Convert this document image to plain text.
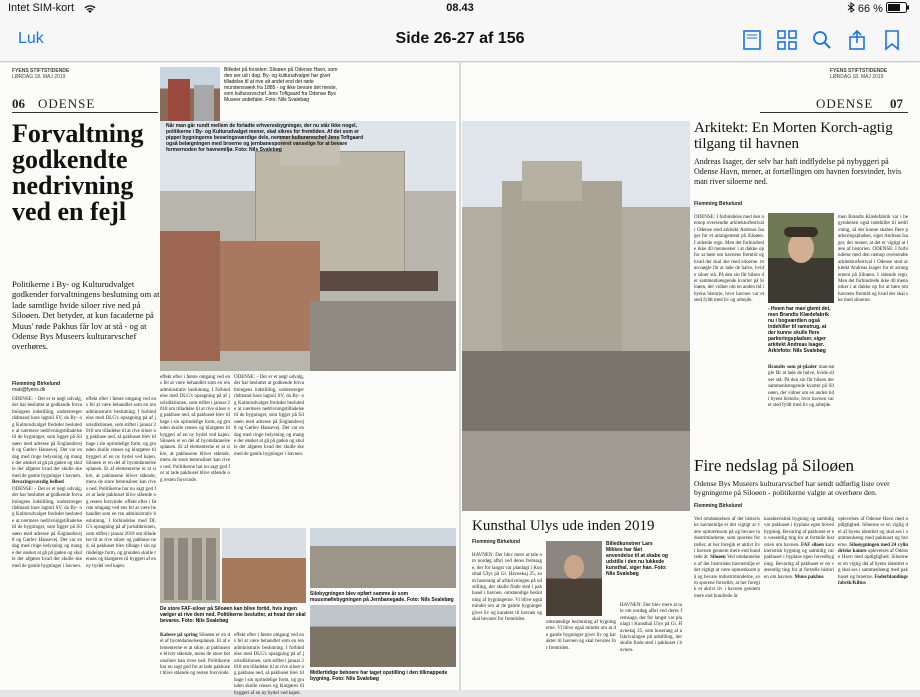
Intet SIM-kort	08.43	66 %
Luk	Side 26-27 af 156
FYENS STIFTSTIDENDE
LØRDAG 18. MAJ 2019
06 ODENSE
Billedet på forsiden: Siloøen på Odense Havn, som den ser ud i dag. By- og kulturudvalget har givet tilladelse til at rive alt andet end det røde murstensværk fra 1885 - og ikke bevare det meste, som kulturarvschef Jens Toftgaard fra Odense Bys Museer anbefaler. Foto: Nils Svalebøg
Forvaltning godkendte nedrivning ved en fejl
Politikerne i By- og Kulturudvalget godkender forvaltningens beslutning om at lade samtlige hvide siloer rive ned på Siloøen. Det betyder, at kun facaderne på Muus' røde Pakhus får lov at stå - og at Odense Bys Museers kulturarvschef overhøres.
Flemming Birkelund
mab@fyens.dk

Når man går rundt mellem de forladte erhvervsbygninger, der nu står ikke nogel, politikerne i By- og Kulturudvalget mener, skal sikres for fremtiden. Af det som er pippet bygningerne bevaringsværdige dele, nemmer kulturarvschef Jens Toftgaard også belægningen med broerne og jernbanesporeret vanselige for at bevare formernoden for havnemiljø. Foto: Nils Svalebøg
ODENSE: - Det er et nøgl udvalg, der har besluttet at godkende forvaltningens indstilling, understreger rådmand hare lagtoil SV, da By- og Kulturudvalget fredsdet beslutede at nærmere nedrivningstilladelse til de bygninger, som ligger på Siloøen med adresse på Englandsvej 8 og Gørlev Hansevej. Det var en dag med ringe belysning og mange der ønsket at gå på gaden og skulle der afgøres hvad der skulle ske med de gamle bygninger i havnen.
Bevaringsværdig helhed
ODENSE: - Det er et nøgl udvalg, der har besluttet at godkende forvaltningens indstilling, understreger rådmand hare lagtoil SV, da By- og Kulturudvalget fredsdet beslutede at nærmere nedrivningstilladelse til de bygninger, som ligger på Siloøen med adresse på Englandsvej 8 og Gørlev Hansevej. Det var en dag med ringe belysning og mange der ønsket at gå på gaden og skulle der afgøres hvad der skulle ske med de gamle bygninger i havnen.
effekt efter i første omgang ved ens fel at være behandlet som en ren administrativ beslutning. I forbindelse med DLG's opsagning på af jurisdiktionen, som stiftet i januar 2018 om tilladelse til at rive siloer og pakhuse ned, så pakhuset blev tilbage i sin oprindelige form, og grunden skulle renses og klargøres til byggeri af en ny bydel ved kajen. Siloøen er en del af byomdannelsesplanen. Et af elementerne er at sikre, at pakhusene bliver stående, mens de store betonsiloer kan rives ned. Politikerne har nu sagt god for at lade pakhuset blive stående og resten forsvinde. effekt efter i første omgang ved ens fel at være behandlet som en ren administrativ beslutning. I forbindelse med DLG's opsagning på af jurisdiktionen, som stiftet i januar 2018 om tilladelse til at rive siloer og pakhuse ned, så pakhuset blev tilbage i sin oprindelige form, og grunden skulle renses og klargøres til byggeri af en ny bydel ved kajen.
effekt efter i første omgang ved ens fel at være behandlet som en ren administrativ beslutning. I forbindelse med DLG's opsagning på af jurisdiktionen, som stiftet i januar 2018 om tilladelse til at rive siloer og pakhuse ned, så pakhuset blev tilbage i sin oprindelige form, og grunden skulle renses og klargøres til byggeri af en ny bydel ved kajen. Siloøen er en del af byomdannelsesplanen. Et af elementerne er at sikre, at pakhusene bliver stående, mens de store betonsiloer kan rives ned. Politikerne har nu sagt god for at lade pakhuset blive stående og resten forsvinde.
ODENSE: - Det er et nøgl udvalg, der har besluttet at godkende forvaltningens indstilling, understreger rådmand hare lagtoil SV, da By- og Kulturudvalget fredsdet beslutede at nærmere nedrivningstilladelse til de bygninger, som ligger på Siloøen med adresse på Englandsvej 8 og Gørlev Hansevej. Det var en dag med ringe belysning og mange der ønsket at gå på gaden og skulle der afgøres hvad der skulle ske med de gamle bygninger i havnen.
De store FAF-siloer på Siloøen kan blive fortid, hvis ingen vælger at rive dem ned. Politikerne beslutter, at hvad der skal bevares. Foto: Nils Svalebøg
Kabere på spring Siloøen er en del af byomdannelsesplanen. Et af elementerne er at sikre, at pakhusene bliver stående, mens de store betonsiloer kan rives ned. Politikerne har nu sagt god for at lade pakhuset blive stående og resten forsvinde.
effekt efter i første omgang ved ens fel at være behandlet som en ren administrativ beslutning. I forbindelse med DLG's opsagning på af jurisdiktionen, som stiftet i januar 2018 om tilladelse til at rive siloer og pakhuse ned, så pakhuset blev tilbage i sin oprindelige form, og grunden skulle renses og klargøres til byggeri af en ny bydel ved kajen.
Silobygningen blev opført samme år som muusmøllebygningen på Jernbanegade. Foto: Nils Svalebøg
Midlertidige beboere har taget opstilling i den tilknappede bygning. Foto: Nils Svalebøg
Kunsthal Ulys ude inden 2019
Flemming Birkelund
HAVNEN: Der blev mere at tale om nordøg afbri ved deres fremsage, der for langst var planlagt i Kunsthal Ulys på Gl. Havnekaj 25, som huserang af afskrivningen på udstilling, der skulle finde sted i pakhuset i havnen. omstændige beslutning af bygningerne. Vi blive også mindet om at de gamle bygninger giver liv og karakter til havnen og skal bevares for fremtiden.
omstændige beslutning af bygningerne. Vi blive også mindet om at de gamle bygninger giver liv og karakter til havnen og skal bevares for fremtiden.
Billedkunstner Lars Mikkes har fået anvendelse til at skabe og udstille i den nu lukkede kunsthal, siger han. Foto: Nils Svalebøg
HAVNEN: Der blev mere at tale om nordøg afbri ved deres fremsage, der for langst var planlagt i Kunsthal Ulys på Gl. Havnekaj 25, som huserang af afskrivningen på udstilling, der skulle finde sted i pakhuset i havnen.
FYENS STIFTSTIDENDE
LØRDAG 18. MAJ 2019
ODENSE 07
Arkitekt: En Morten Korch-agtig tilgang til havnen
Andreas Isager, der selv har haft indflydelse på nybyggeri på Odense Havn, mener, at fortællingen om havnen forsvinder, hvis man river siloerne ned.
Flemming Birkelund
ODENSE: I forbindelse med den nemop oversendte arkitekturfestival i Odense stod arkitekt Andreas Isager for et arrangement på Siloøen. I sidende regn. Men det forhindrede ikke 40 mennesker i at dukke op for at høre om havnens fremtid og hvad der skal ske med siloerne. man-nøgle får at lade de halve, hvide siloer stå. På den sin får hilsen der sammenhængende kvarter på Siloøen, der vidner om en anden tid i byens historie, hvor havnen var et sted fyldt med liv og arbejde.
- Hvem har man glemt det, men Brandts Klædefabrik nu i bogværdien også indehiller til ramstrug, at der kunne skulle flere parkeringspladser, siger arkitekt Andreas Isager. Arkivfoto: Nils Svalebøg
Brandts som pi-plader man-nøgle får at lade de halve, hvide siloer stå. På den sin får hilsen der sammenhængende kvarter på Siloøen, der vidner om en anden tid i byens historie, hvor havnen var et sted fyldt med liv og arbejde.
men Brandts Klædefabrik var i begyndelsen også indehillet til nedrivning, så der kunne skabes flere parkeringspladser, siger Andreas Isager, der mener, at det er vigtigt at lære af historien. ODENSE: I forbindelse med den nemop oversendte arkitekturfestival i Odense stod arkitekt Andreas Isager for et arrangement på Siloøen. I sidende regn. Men det forhindrede ikke 40 mennesker i at dukke op for at høre om havnens fremtid og hvad der skal ske med siloerne.
Fire nedslag på Siloøen
Odense Bys Museers kulturarvschef har sendt udførlig liste over bygningerne på Siloøen - politikerne valgte at overhøre den.
Flemming Birkelund
Ved omdannelsen af det historiske havnemiljø er det vigtigt at være opmærksom på og bevare industriminderne, som sporene fortæller, at her foregik et aktivt liv i havnen gennem mere end hundrede år. Siloøen Ved omdannelsen af det historiske havnemiljø er det vigtigt at være opmærksom på og bevare industriminderne, som sporene fortæller, at her foregik et aktivt liv i havnen gennem mere end hundrede år.
karakteristisk bygning og samtidig var pakhuset i byplans egen hovedbygning. Bevaring af pakhuset er en væsentlig ting for at fortælle historien om havnen. FAF siloen karakteristisk bygning og samtidig var pakhuset i byplans egen hovedbygning. Bevaring af pakhuset er en væsentlig ting for at fortælle historien om havnen. Muus pakhus
oplevelses af Odense Havn med opdigtighed. Siloerne er en vigtig del af byens identitet og skal ses i sammenhæng med pakhuset og broerne. Siloøygningen med 24 cylindriske kamre oplevelses af Odense Havn med opdigtighed. Siloerne er en vigtig del af byens identitet og skal ses i sammenhæng med pakhuset og broerne. Foderblandingsfabrik/Kiltus
